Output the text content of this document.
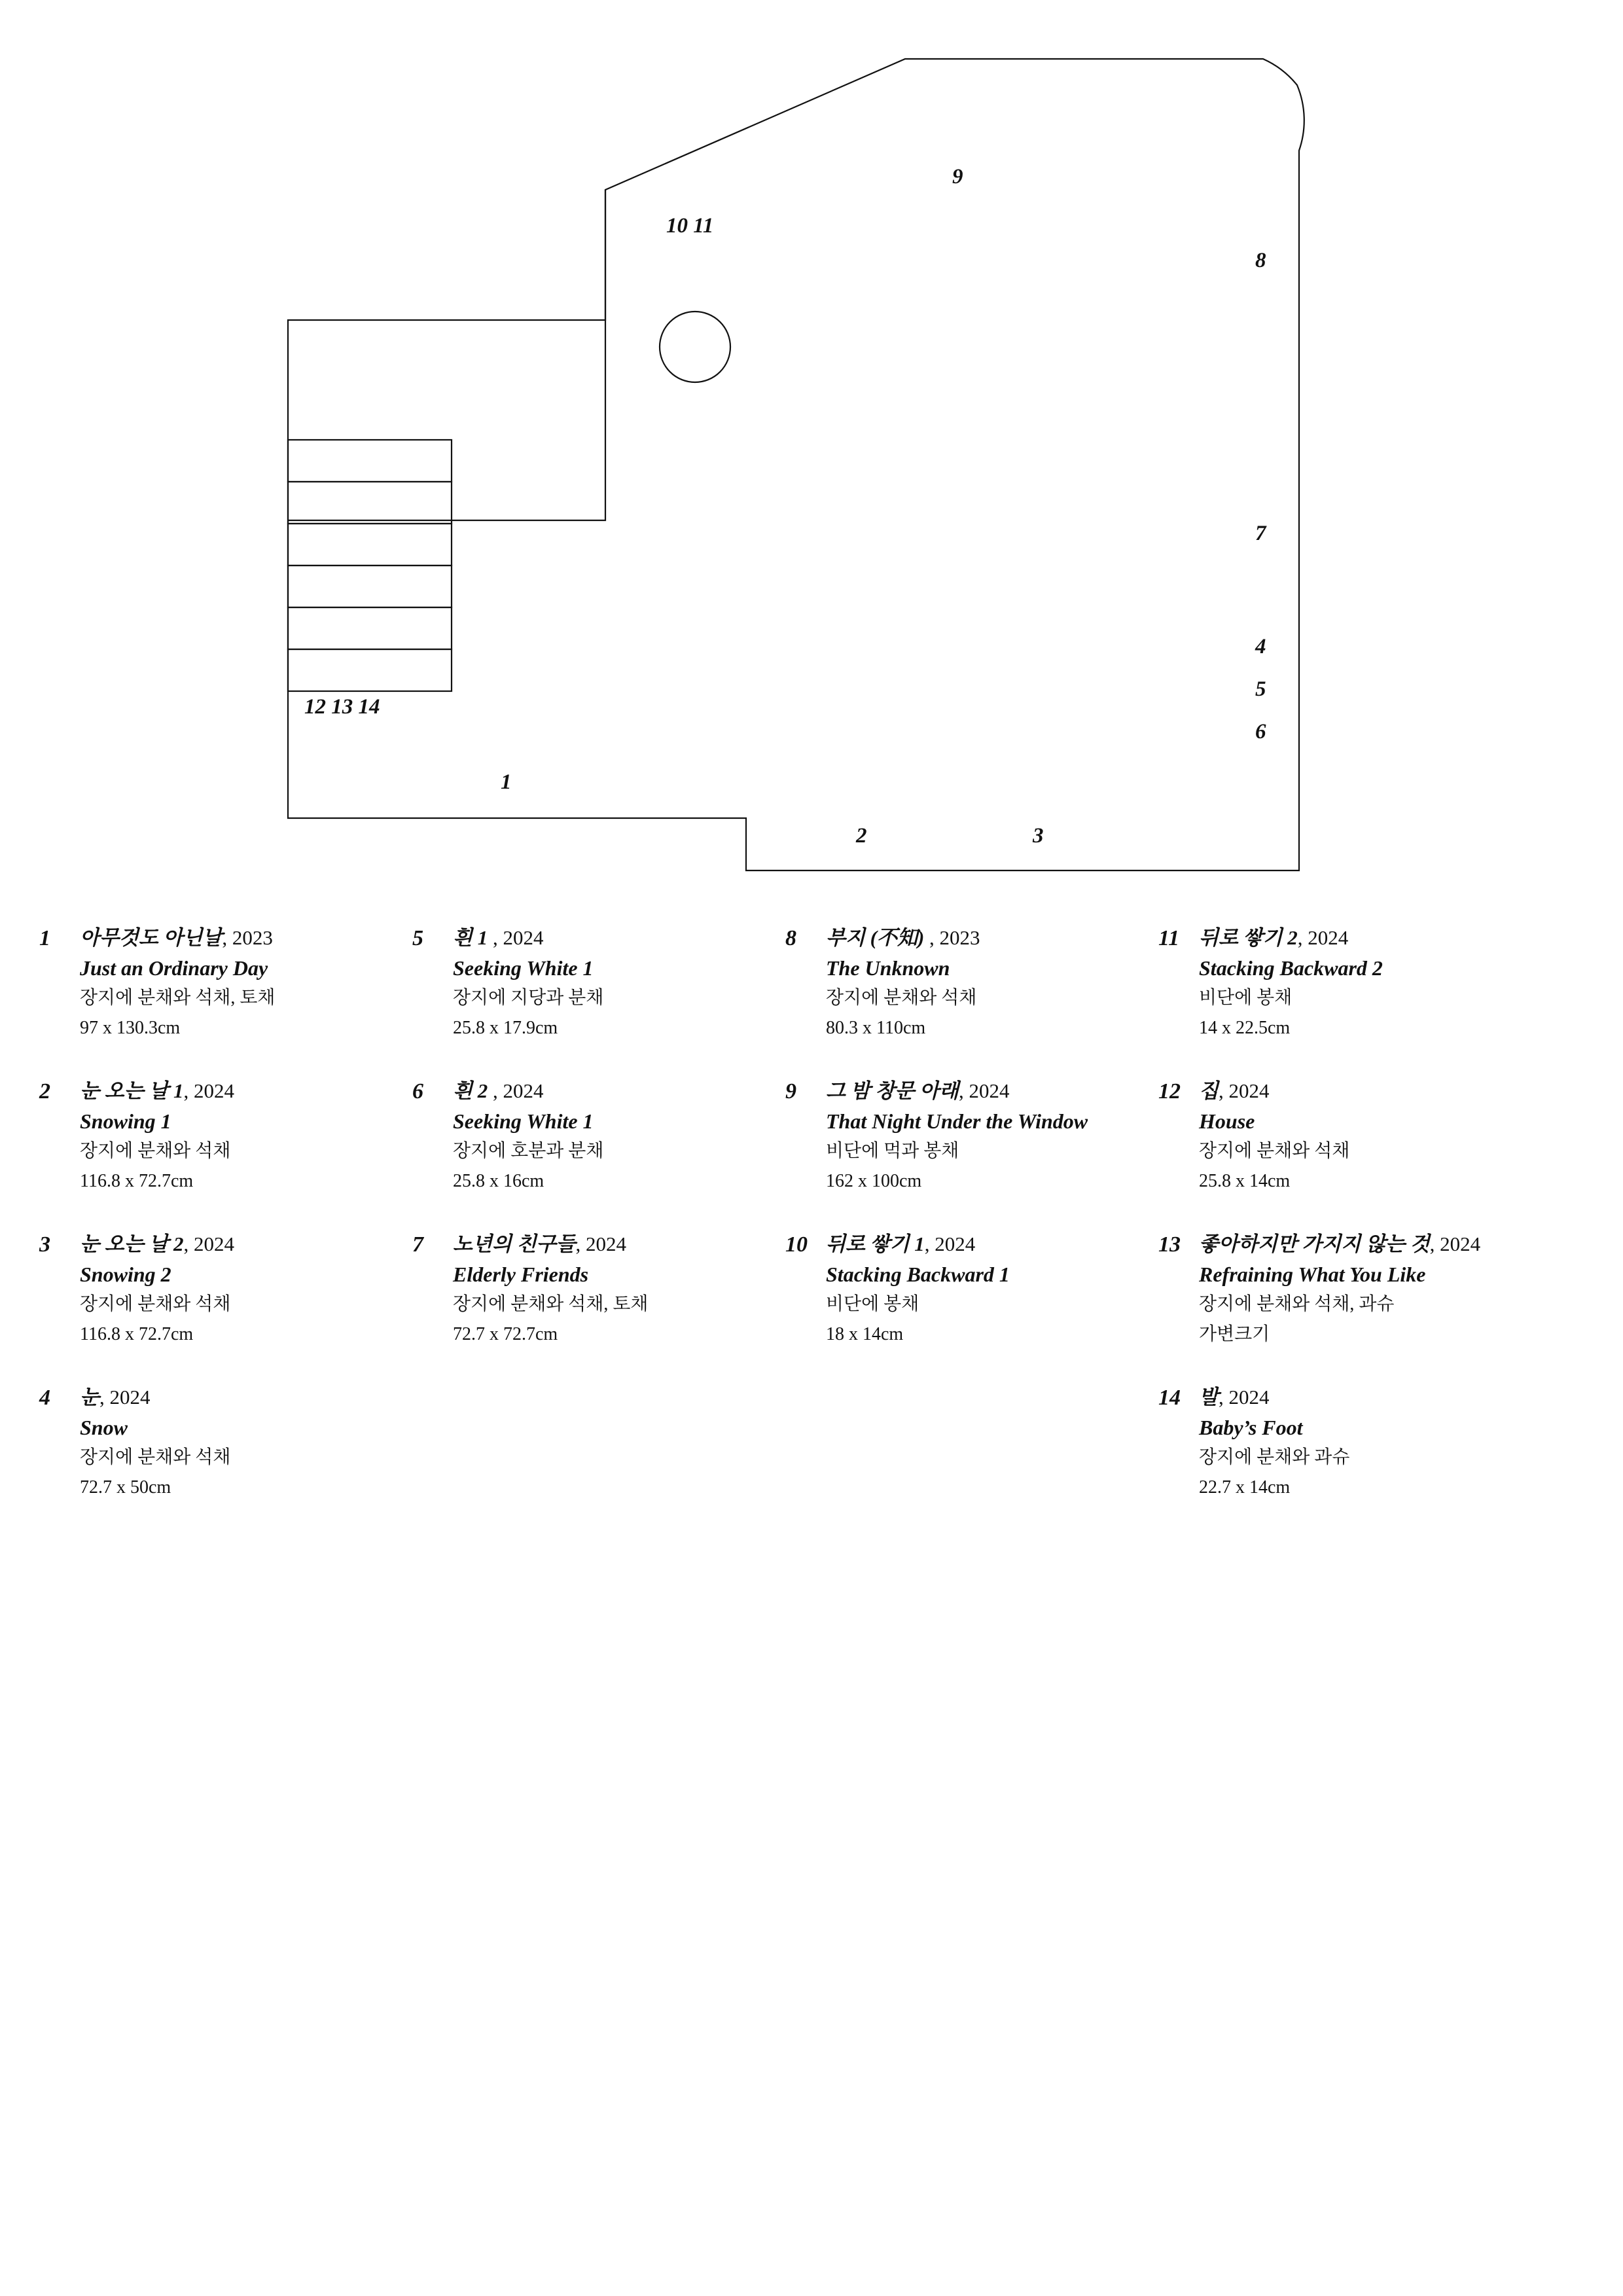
9
10 11
8
7
4
5
6
12 13 14
1
2	3
1	아무것도 아닌날, 2023
Just an Ordinary Day
장지에 분채와 석채, 토채
97 x 130.3cm
2	눈 오는 날 1, 2024
Snowing 1
장지에 분채와 석채
116.8 x 72.7cm
3	눈 오는 날 2, 2024
Snowing 2
장지에 분채와 석채
116.8 x 72.7cm
4	눈, 2024
Snow
장지에 분채와 석채
72.7 x 50cm
5	흰 1 , 2024
Seeking White 1
장지에 지당과 분채
25.8 x 17.9cm
6	흰 2 , 2024
Seeking White 1
장지에 호분과 분채
25.8 x 16cm
7	노년의 친구들, 2024
Elderly Friends
장지에 분채와 석채, 토채
72.7 x 72.7cm
8	부지 (不知) , 2023
The Unknown
장지에 분채와 석채
80.3 x 110cm
9	그 밤 창문 아래, 2024
That Night Under the Window
비단에 먹과 봉채
162 x 100cm
10 뒤로 쌓기 1, 2024
Stacking Backward 1
비단에 봉채
18 x 14cm
11 뒤로 쌓기 2, 2024
Stacking Backward 2
비단에 봉채
14 x 22.5cm
12 집, 2024
House
장지에 분채와 석채
25.8 x 14cm
13 좋아하지만 가지지 않는 것, 2024
Refraining What You Like
장지에 분채와 석채, 과슈
가변크기
14 발, 2024
Baby’s Foot
장지에 분채와 과슈
22.7 x 14cm
